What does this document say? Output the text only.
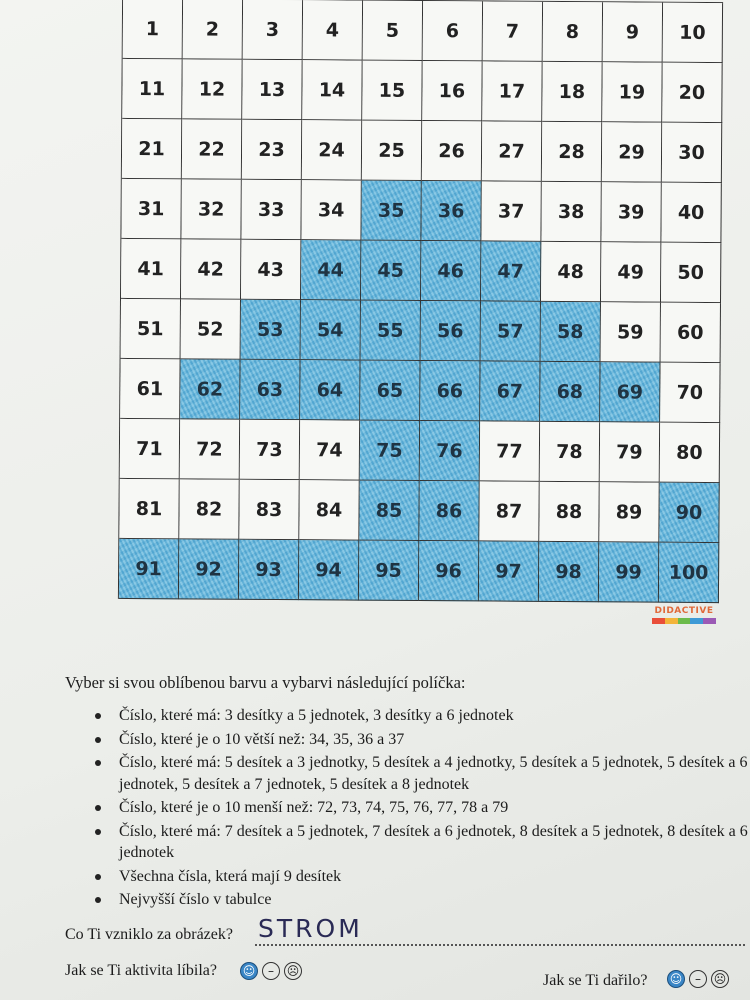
1	2	3	4	5	6	7	8	9	10
11	12	13	14	15	16	17	18	19	20
21	22	23	24	25	26	27	28	29	30
31	32	33	34	35	36	37	38	39	40
41	42	43	44	45	46	47	48	49	50
51	52	53	54	55	56	57	58	59	60
61	62	63	64	65	66	67	68	69	70
71	72	73	74	75	76	77	78	79	80
81	82	83	84	85	86	87	88	89	90
91	92	93	94	95	96	97	98	99	100
DIDACTIVE
Vyber si svou oblíbenou barvu a vybarvi následující políčka:
Číslo, které má: 3 desítky a 5 jednotek, 3 desítky a 6 jednotek
Číslo, které je o 10 větší než: 34, 35, 36 a 37
Číslo, které má: 5 desítek a 3 jednotky, 5 desítek a 4 jednotky, 5 desítek a 5 jednotek, 5 desítek a 6 jednotek, 5 desítek a 7 jednotek, 5 desítek a 8 jednotek
Číslo, které je o 10 menší než: 72, 73, 74, 75, 76, 77, 78 a 79
Číslo, které má: 7 desítek a 5 jednotek, 7 desítek a 6 jednotek, 8 desítek a 5 jednotek, 8 desítek a 6 jednotek
Všechna čísla, která mají 9 desítek
Nejvyšší číslo v tabulce
Co Ti vzniklo za obrázek? STROM
Jak se Ti aktivita líbila? ☺	–	☹
Jak se Ti dařilo? ☺	–	☹
